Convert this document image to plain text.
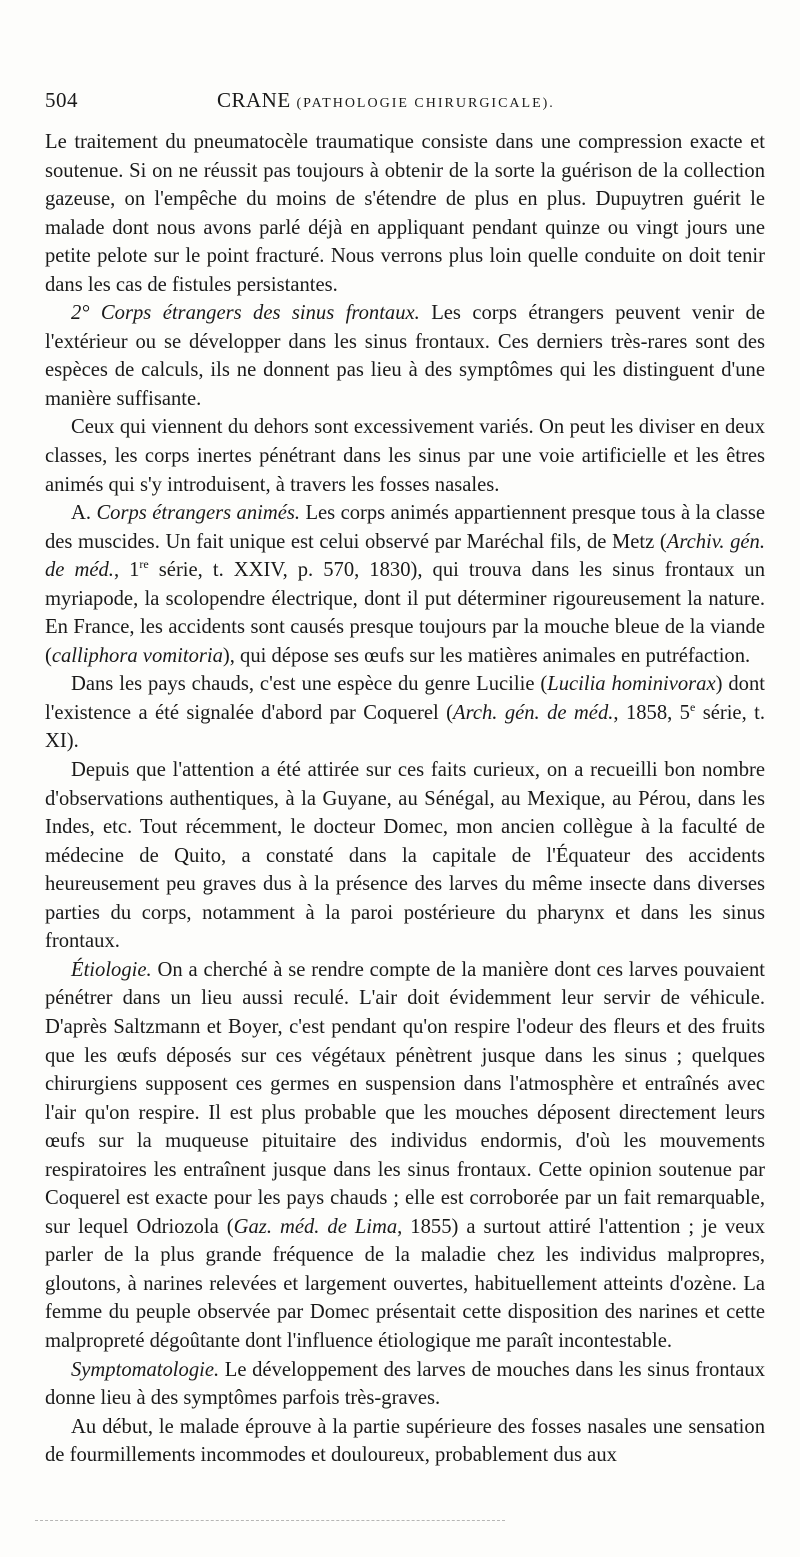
504	CRANE (PATHOLOGIE CHIRURGICALE).

Le traitement du pneumatocèle traumatique consiste dans une compression exacte et soutenue. Si on ne réussit pas toujours à obtenir de la sorte la guérison de la collection gazeuse, on l'empêche du moins de s'étendre de plus en plus. Dupuytren guérit le malade dont nous avons parlé déjà en appliquant pendant quinze ou vingt jours une petite pelote sur le point fracturé. Nous verrons plus loin quelle conduite on doit tenir dans les cas de fistules persistantes.

2° Corps étrangers des sinus frontaux. Les corps étrangers peuvent venir de l'extérieur ou se développer dans les sinus frontaux. Ces derniers très-rares sont des espèces de calculs, ils ne donnent pas lieu à des symptômes qui les distinguent d'une manière suffisante.

Ceux qui viennent du dehors sont excessivement variés. On peut les diviser en deux classes, les corps inertes pénétrant dans les sinus par une voie artificielle et les êtres animés qui s'y introduisent, à travers les fosses nasales.

A. Corps étrangers animés. Les corps animés appartiennent presque tous à la classe des muscides. Un fait unique est celui observé par Maréchal fils, de Metz (Archiv. gén. de méd., 1re série, t. XXIV, p. 570, 1830), qui trouva dans les sinus frontaux un myriapode, la scolopendre électrique, dont il put déterminer rigoureusement la nature. En France, les accidents sont causés presque toujours par la mouche bleue de la viande (calliphora vomitoria), qui dépose ses œufs sur les matières animales en putréfaction.

Dans les pays chauds, c'est une espèce du genre Lucilie (Lucilia hominivorax) dont l'existence a été signalée d'abord par Coquerel (Arch. gén. de méd., 1858, 5e série, t. XI).

Depuis que l'attention a été attirée sur ces faits curieux, on a recueilli bon nombre d'observations authentiques, à la Guyane, au Sénégal, au Mexique, au Pérou, dans les Indes, etc. Tout récemment, le docteur Domec, mon ancien collègue à la faculté de médecine de Quito, a constaté dans la capitale de l'Équateur des accidents heureusement peu graves dus à la présence des larves du même insecte dans diverses parties du corps, notamment à la paroi postérieure du pharynx et dans les sinus frontaux.

Étiologie. On a cherché à se rendre compte de la manière dont ces larves pouvaient pénétrer dans un lieu aussi reculé. L'air doit évidemment leur servir de véhicule. D'après Saltzmann et Boyer, c'est pendant qu'on respire l'odeur des fleurs et des fruits que les œufs déposés sur ces végétaux pénètrent jusque dans les sinus ; quelques chirurgiens supposent ces germes en suspension dans l'atmosphère et entraînés avec l'air qu'on respire. Il est plus probable que les mouches déposent directement leurs œufs sur la muqueuse pituitaire des individus endormis, d'où les mouvements respiratoires les entraînent jusque dans les sinus frontaux. Cette opinion soutenue par Coquerel est exacte pour les pays chauds ; elle est corroborée par un fait remarquable, sur lequel Odriozola (Gaz. méd. de Lima, 1855) a surtout attiré l'attention ; je veux parler de la plus grande fréquence de la maladie chez les individus malpropres, gloutons, à narines relevées et largement ouvertes, habituellement atteints d'ozène. La femme du peuple observée par Domec présentait cette disposition des narines et cette malpropreté dégoûtante dont l'influence étiologique me paraît incontestable.

Symptomatologie. Le développement des larves de mouches dans les sinus frontaux donne lieu à des symptômes parfois très-graves.

Au début, le malade éprouve à la partie supérieure des fosses nasales une sensation de fourmillements incommodes et douloureux, probablement dus aux
